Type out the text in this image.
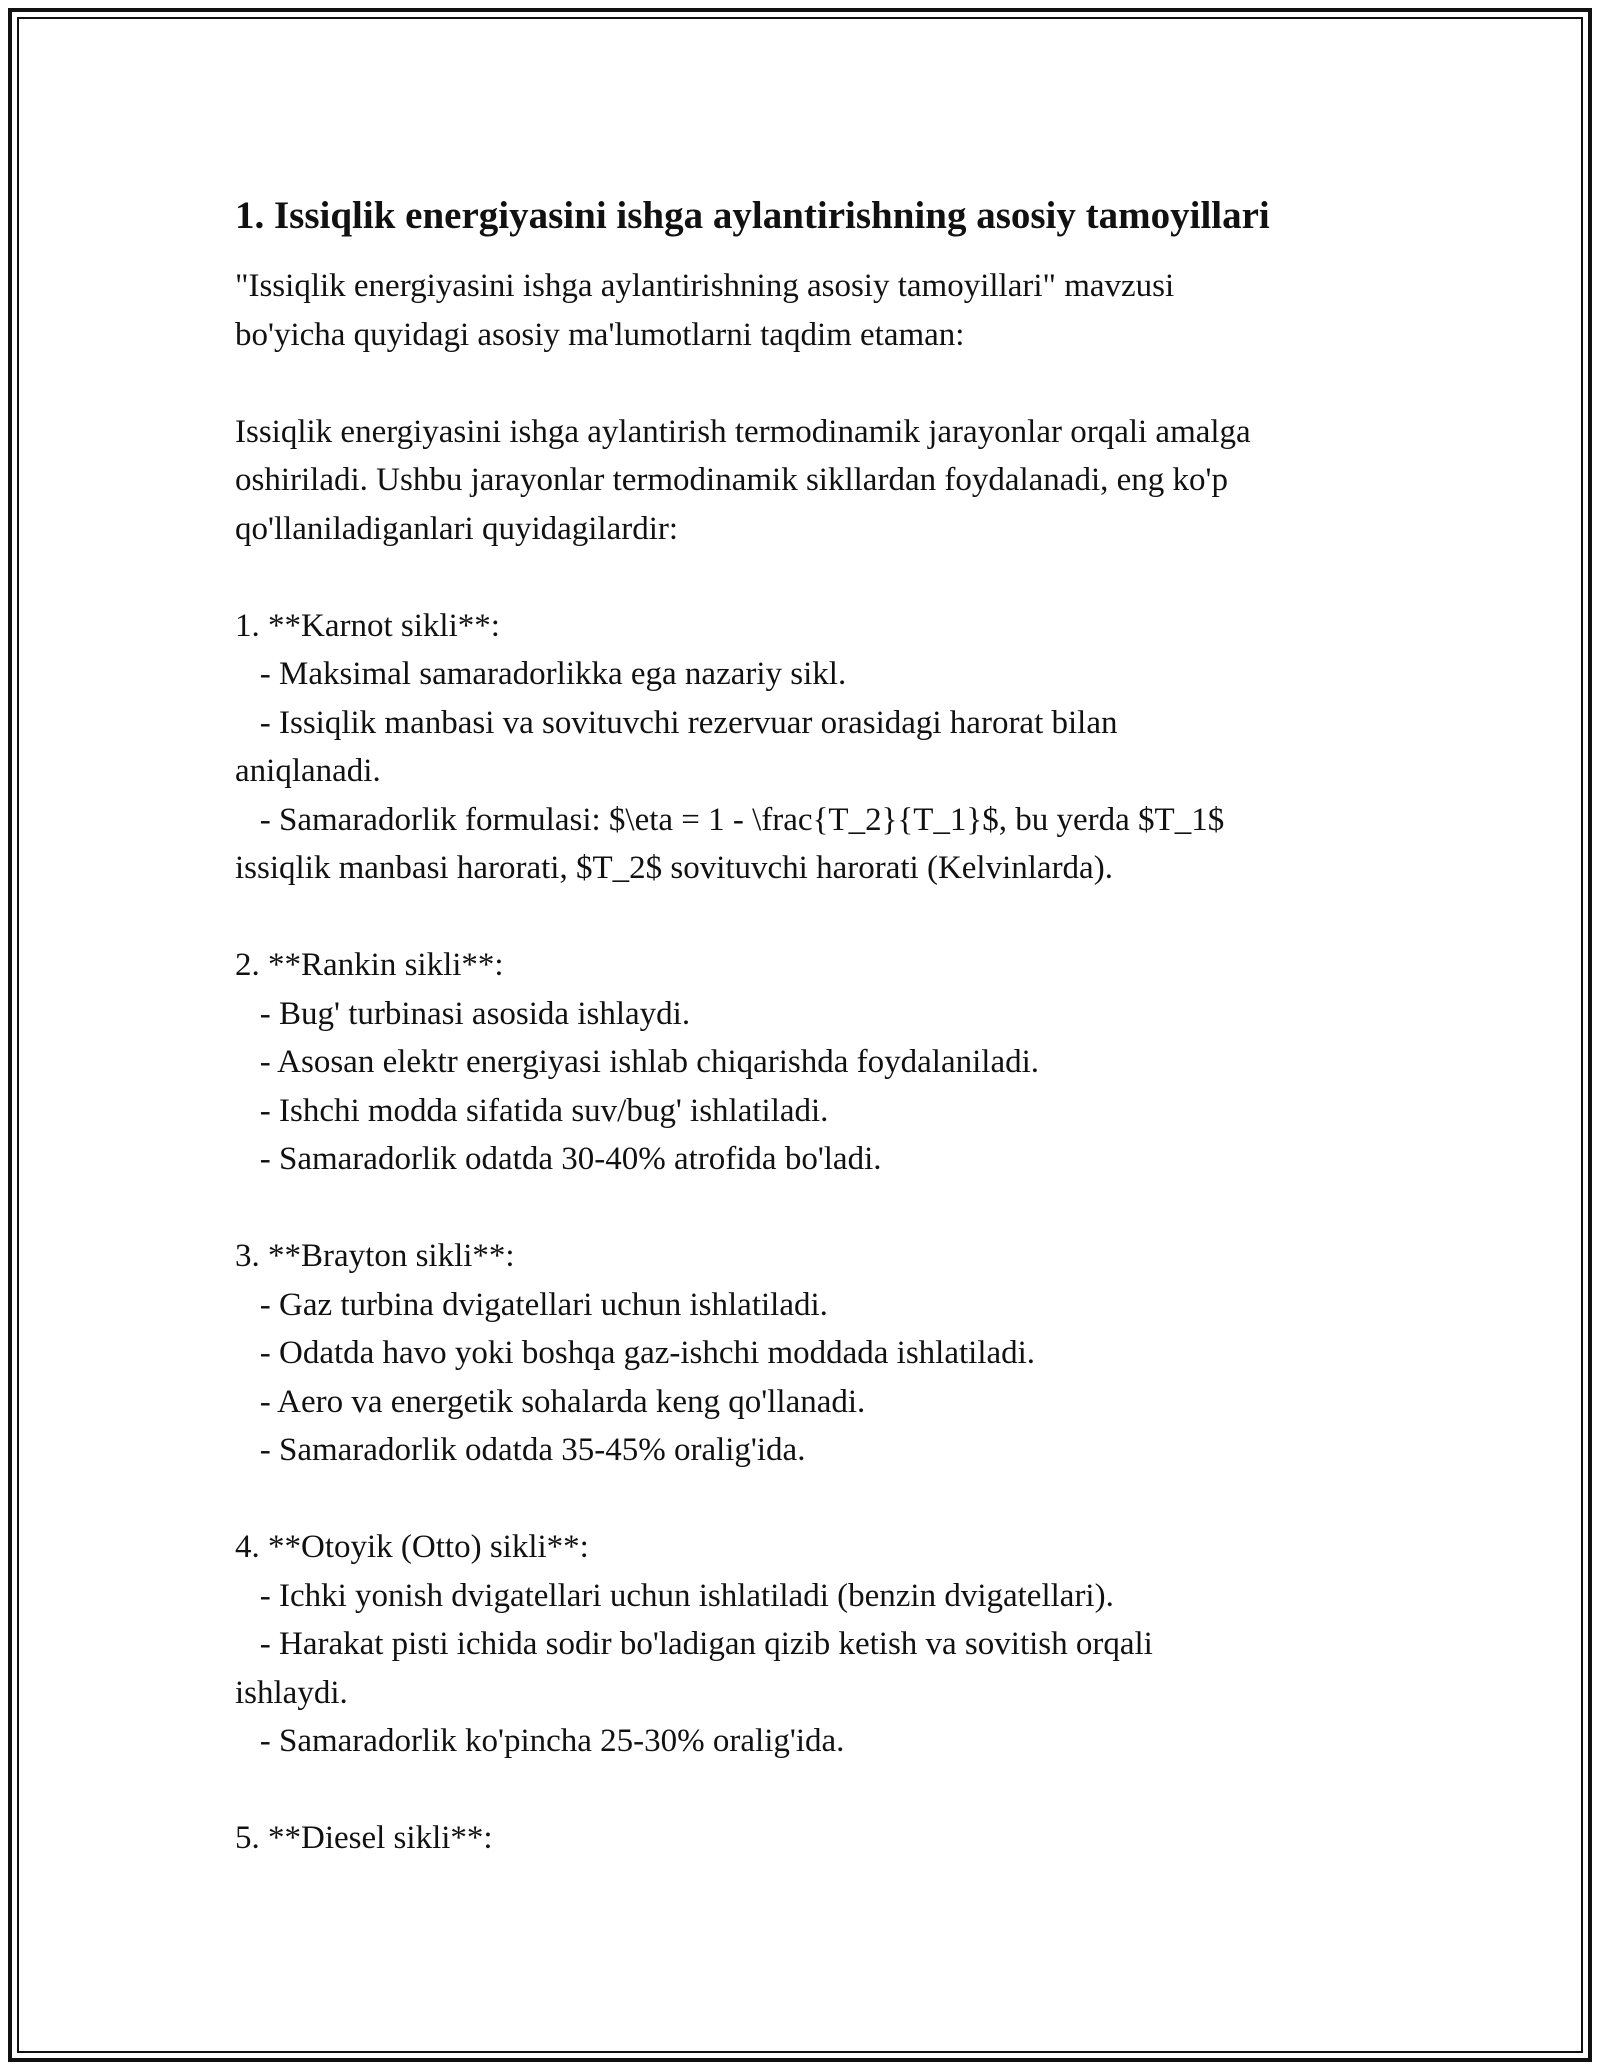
1. Issiqlik energiyasini ishga aylantirishning asosiy tamoyillari

"Issiqlik energiyasini ishga aylantirishning asosiy tamoyillari" mavzusi
bo'yicha quyidagi asosiy ma'lumotlarni taqdim etaman:

Issiqlik energiyasini ishga aylantirish termodinamik jarayonlar orqali amalga
oshiriladi. Ushbu jarayonlar termodinamik sikllardan foydalanadi, eng ko'p
qo'llaniladiganlari quyidagilardir:
1. **Karnot sikli**:
- Maksimal samaradorlikka ega nazariy sikl.
- Issiqlik manbasi va sovituvchi rezervuar orasidagi harorat bilan
aniqlanadi.
- Samaradorlik formulasi: $\eta = 1 - \frac{T_2}{T_1}$, bu yerda $T_1$
issiqlik manbasi harorati, $T_2$ sovituvchi harorati (Kelvinlarda).
2. **Rankin sikli**:
- Bug' turbinasi asosida ishlaydi.
- Asosan elektr energiyasi ishlab chiqarishda foydalaniladi.
- Ishchi modda sifatida suv/bug' ishlatiladi.
- Samaradorlik odatda 30-40% atrofida bo'ladi.
3. **Brayton sikli**:
- Gaz turbina dvigatellari uchun ishlatiladi.
- Odatda havo yoki boshqa gaz-ishchi moddada ishlatiladi.
- Aero va energetik sohalarda keng qo'llanadi.
- Samaradorlik odatda 35-45% oralig'ida.
4. **Otoyik (Otto) sikli**:
- Ichki yonish dvigatellari uchun ishlatiladi (benzin dvigatellari).
- Harakat pisti ichida sodir bo'ladigan qizib ketish va sovitish orqali
ishlaydi.
- Samaradorlik ko'pincha 25-30% oralig'ida.
5. **Diesel sikli**:
